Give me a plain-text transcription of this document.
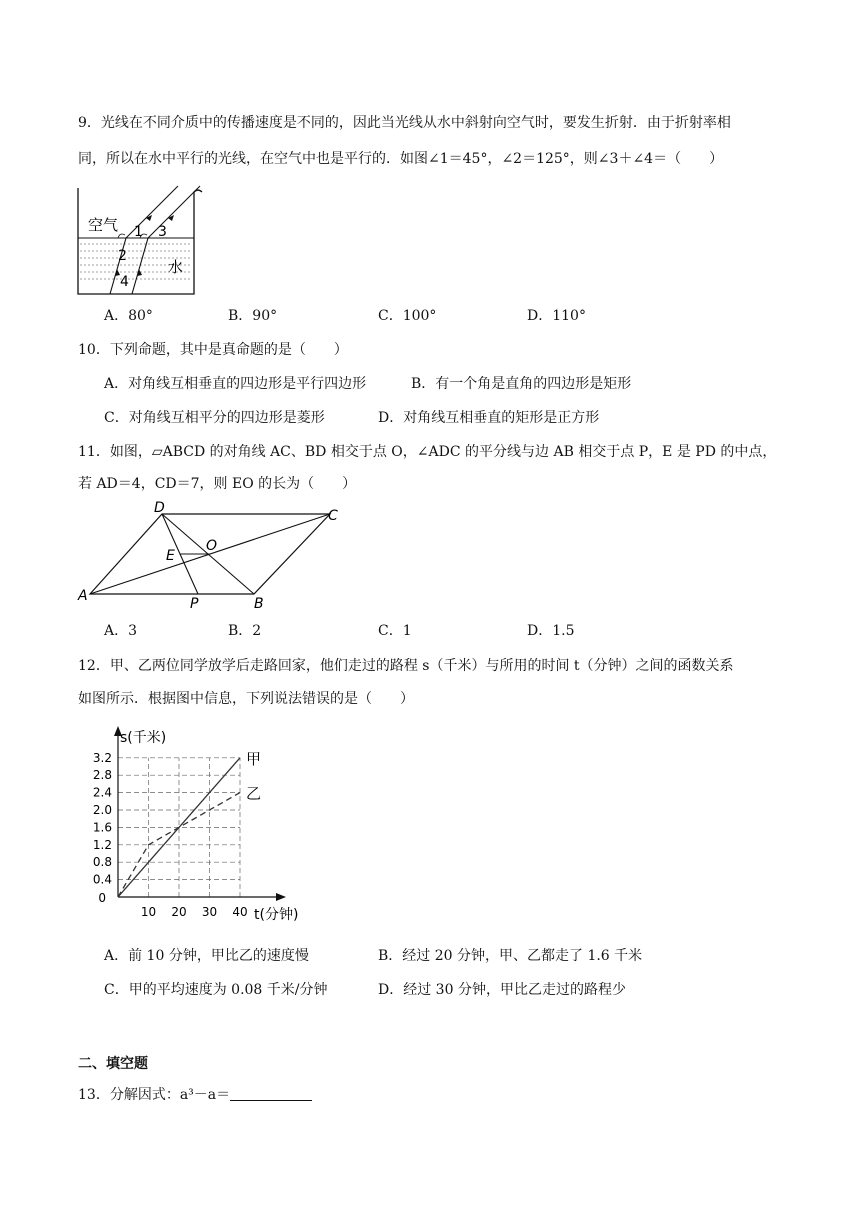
9．光线在不同介质中的传播速度是不同的，因此当光线从水中斜射向空气时，要发生折射．由于折射率相
同，所以在水中平行的光线，在空气中也是平行的．如图∠1＝45°，∠2＝125°，则∠3＋∠4＝（　　）
空气
水
1 3
2
4
A．80°	B．90°	C．100°	D．110°
10．下列命题，其中是真命题的是（　　）
A．对角线互相垂直的四边形是平行四边形	B．有一个角是直角的四边形是矩形
C．对角线互相平分的四边形是菱形	D．对角线互相垂直的矩形是正方形
11．如图，▱ABCD 的对角线 AC、BD 相交于点 O，∠ADC 的平分线与边 AB 相交于点 P，E 是 PD 的中点，
若 AD＝4，CD＝7，则 EO 的长为（　　）
D	C
A	B
P
E
O
A．3	B．2	C．1	D．1.5
12．甲、乙两位同学放学后走路回家，他们走过的路程 s（千米）与所用的时间 t（分钟）之间的函数关系
如图所示．根据图中信息，下列说法错误的是（　　）
0.4
0.8
1.2
1.6
2.0
2.4
2.8
3.2
10 20 30 40
0
s(千米)
t(分钟)
甲
乙
A．前 10 分钟，甲比乙的速度慢	B．经过 20 分钟，甲、乙都走了 1.6 千米
C．甲的平均速度为 0.08 千米/分钟	D．经过 30 分钟，甲比乙走过的路程少
二、填空题
13．分解因式：a³－a＝
